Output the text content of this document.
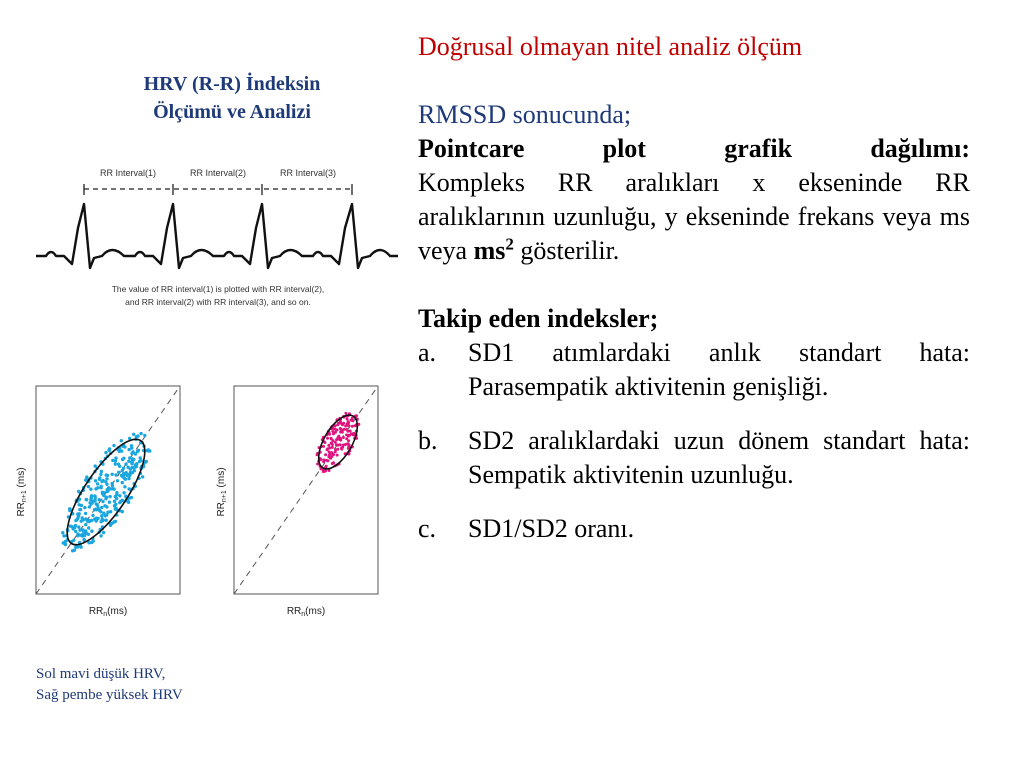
HRV (R-R) İndeksin
Ölçümü ve Analizi
RR Interval(1)	RR Interval(2)	RR Interval(3)
The value of RR interval(1) is plotted with RR interval(2),
and RR interval(2) with RR interval(3), and so on.
$RR_{n+1}$ (ms)
$RR_n(ms)$
$RR_{n+1}$ (ms)
$RR_n(ms)$
Sol mavi düşük HRV,
Sağ pembe yüksek HRV

Doğrusal olmayan nitel analiz ölçüm

RMSSD sonucunda;

Pointcare	plot	grafik	dağılımı:

Kompleks RR aralıkları x ekseninde RR aralıklarının uzunluğu, y ekseninde frekans veya ms veya $ms^2$ gösterilir.

Takip eden indeksler;

a.	SD1 atımlardaki anlık standart hata: Parasempatik aktivitenin genişliği.
b.	SD2 aralıklardaki uzun dönem standart hata: Sempatik aktivitenin uzunluğu.
c.	SD1/SD2 oranı.
